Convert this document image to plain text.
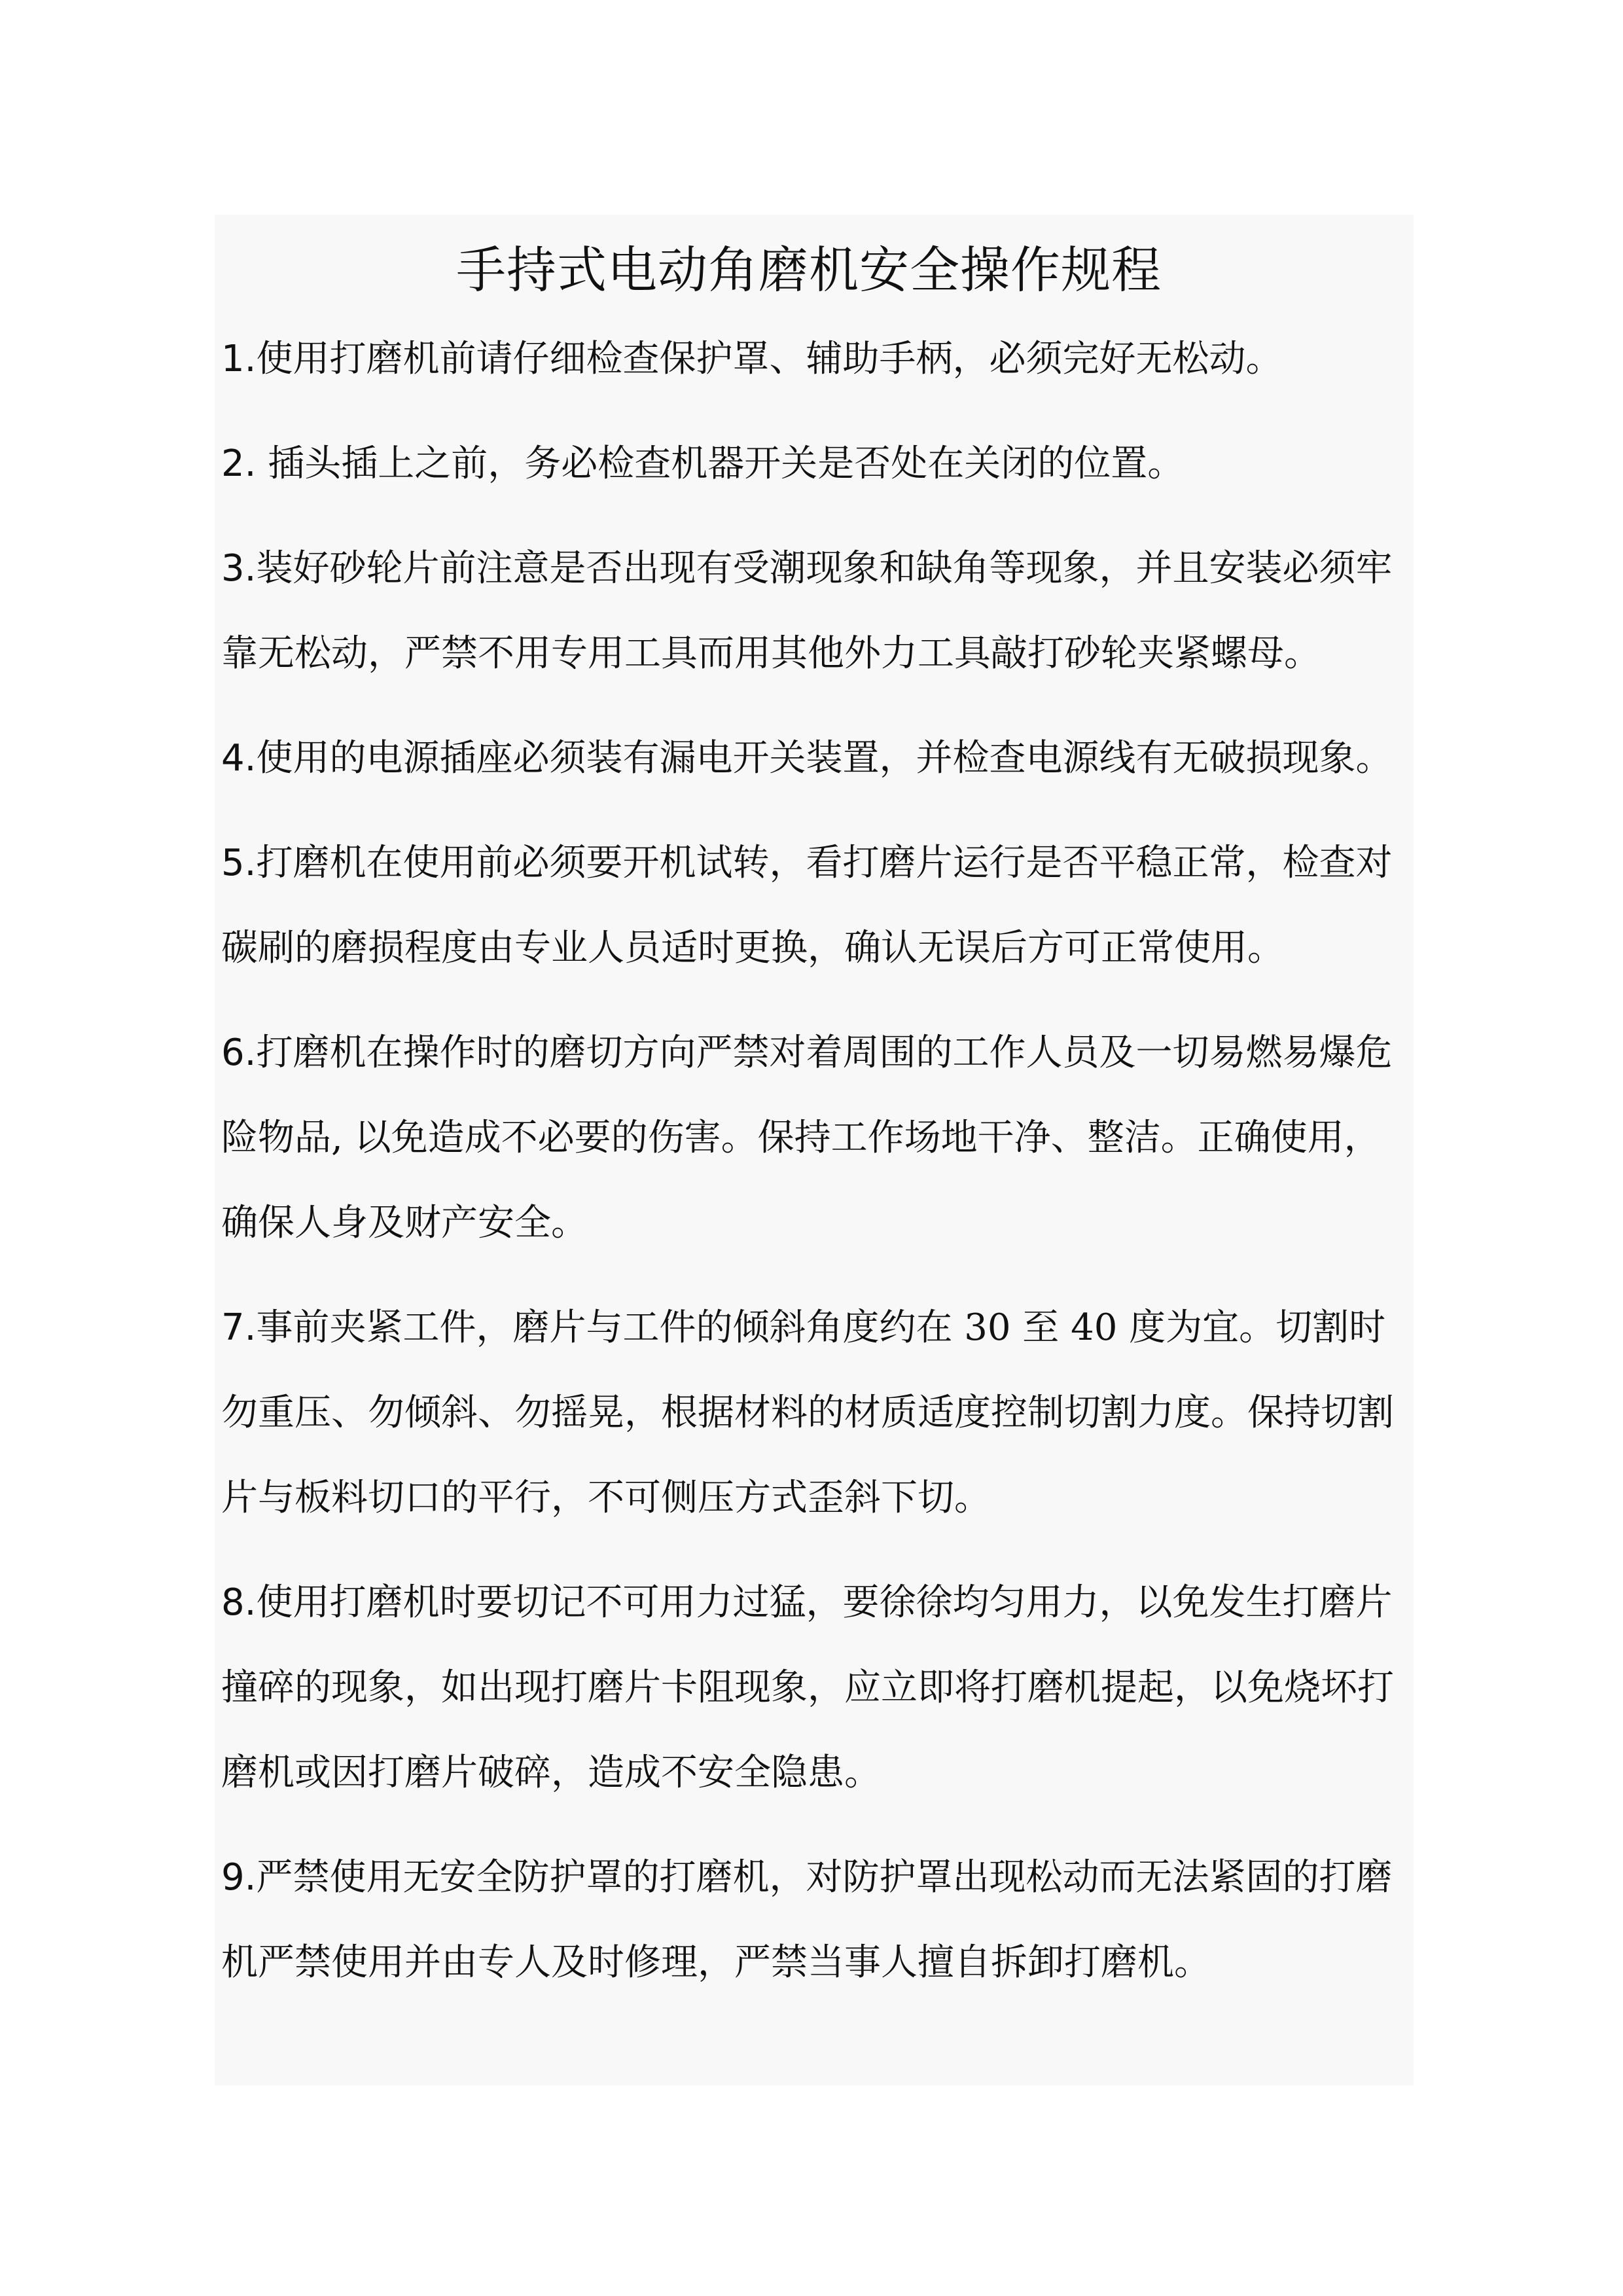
手持式电动角磨机安全操作规程
1.使用打磨机前请仔细检查保护罩、辅助手柄，必须完好无松动。
2. 插头插上之前，务必检查机器开关是否处在关闭的位置。
3.装好砂轮片前注意是否出现有受潮现象和缺角等现象，并且安装必须牢靠无松动，严禁不用专用工具而用其他外力工具敲打砂轮夹紧螺母。
4.使用的电源插座必须装有漏电开关装置，并检查电源线有无破损现象。
5.打磨机在使用前必须要开机试转，看打磨片运行是否平稳正常，检查对碳刷的磨损程度由专业人员适时更换，确认无误后方可正常使用。
6.打磨机在操作时的磨切方向严禁对着周围的工作人员及一切易燃易爆危险物品, 以免造成不必要的伤害。保持工作场地干净、整洁。正确使用，确保人身及财产安全。
7.事前夹紧工件，磨片与工件的倾斜角度约在 30 至 40 度为宜。切割时勿重压、勿倾斜、勿摇晃，根据材料的材质适度控制切割力度。保持切割片与板料切口的平行，不可侧压方式歪斜下切。
8.使用打磨机时要切记不可用力过猛，要徐徐均匀用力，以免发生打磨片撞碎的现象，如出现打磨片卡阻现象，应立即将打磨机提起，以免烧坏打磨机或因打磨片破碎，造成不安全隐患。
9.严禁使用无安全防护罩的打磨机，对防护罩出现松动而无法紧固的打磨机严禁使用并由专人及时修理，严禁当事人擅自拆卸打磨机。
